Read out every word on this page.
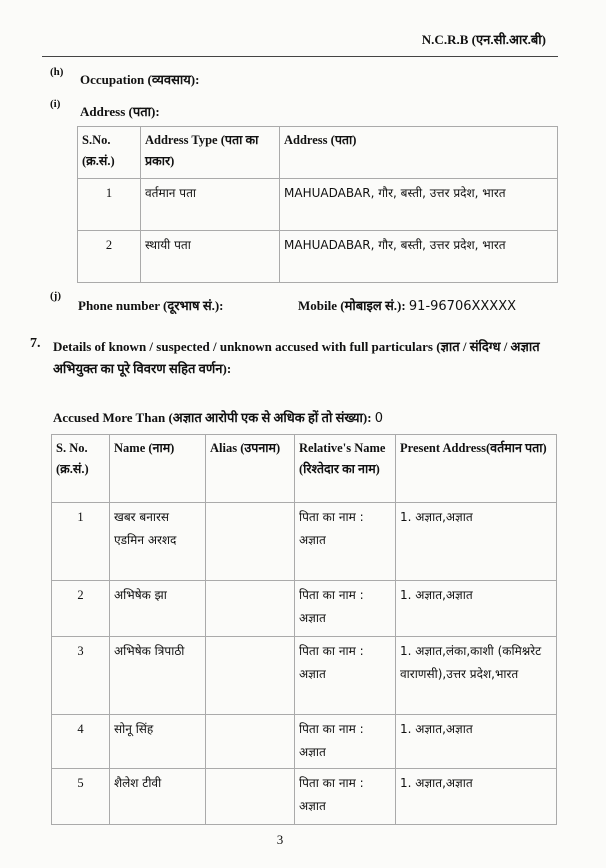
N.C.R.B (एन.सी.आर.बी)
(h) Occupation (व्यवसाय):
(i) Address (पता):
S.No. (क्र.सं.)	Address Type (पता का प्रकार)	Address (पता)
1	वर्तमान पता	MAHUADABAR, गौर, बस्ती, उत्तर प्रदेश, भारत
2	स्थायी पता	MAHUADABAR, गौर, बस्ती, उत्तर प्रदेश, भारत
(j)
Phone number (दूरभाष सं.):	Mobile (मोबाइल सं.): 91-96706XXXXX
7. Details of known / suspected / unknown accused with full particulars (ज्ञात / संदिग्ध / अज्ञात अभियुक्त का पूरे विवरण सहित वर्णन):
Accused More Than (अज्ञात आरोपी एक से अधिक हों तो संख्या): 0
S. No. (क्र.सं.)	Name (नाम)	Alias (उपनाम)	Relative's Name (रिश्तेदार का नाम)	Present Address(वर्तमान पता)
1	खबर बनारस एडमिन अरशद		पिता का नाम : अज्ञात	1. अज्ञात,अज्ञात
2	अभिषेक झा		पिता का नाम : अज्ञात	1. अज्ञात,अज्ञात
3	अभिषेक त्रिपाठी		पिता का नाम : अज्ञात	1. अज्ञात,लंका,काशी (कमिश्नरेट वाराणसी),उत्तर प्रदेश,भारत
4	सोनू सिंह		पिता का नाम : अज्ञात	1. अज्ञात,अज्ञात
5	शैलेश टीवी		पिता का नाम : अज्ञात	1. अज्ञात,अज्ञात
3
